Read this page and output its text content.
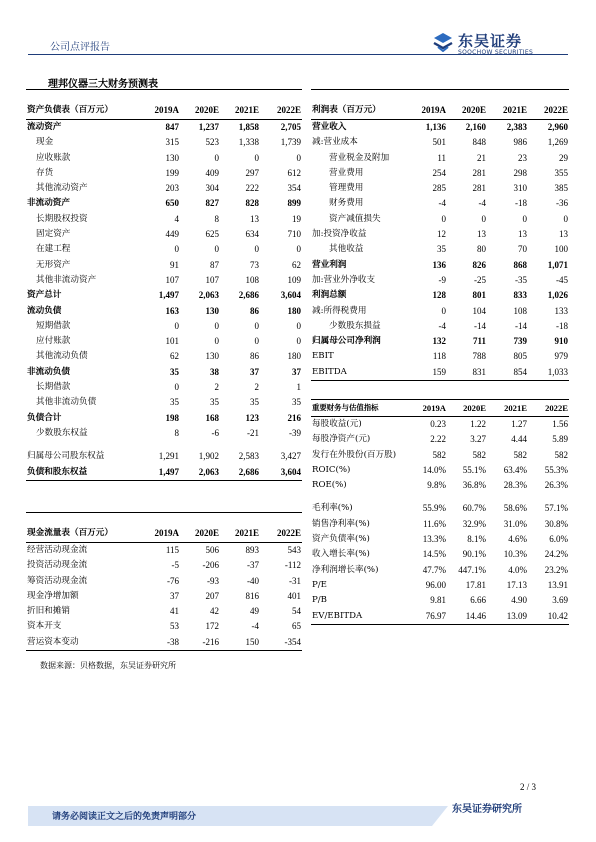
公司点评报告	东吴证券
SOOCHOW SECURITIES
理邦仪器三大财务预测表
资产负债表（百万元）	2019A	2020E	2021E	2022E
流动资产	847	1,237	1,858	2,705
现金	315	523	1,338	1,739
应收账款	130	0	0	0
存货	199	409	297	612
其他流动资产	203	304	222	354
非流动资产	650	827	828	899
长期股权投资	4	8	13	19
固定资产	449	625	634	710
在建工程	0	0	0	0
无形资产	91	87	73	62
其他非流动资产	107	107	108	109
资产总计	1,497	2,063	2,686	3,604
流动负债	163	130	86	180
短期借款	0	0	0	0
应付账款	101	0	0	0
其他流动负债	62	130	86	180
非流动负债	35	38	37	37
长期借款	0	2	2	1
其他非流动负债	35	35	35	35
负债合计	198	168	123	216
少数股东权益	8	-6	-21	-39

归属母公司股东权益	1,291	1,902	2,583	3,427
负债和股东权益	1,497	2,063	2,686	3,604
现金流量表（百万元）	2019A	2020E	2021E	2022E
经营活动现金流	115	506	893	543
投资活动现金流	-5	-206	-37	-112
筹资活动现金流	-76	-93	-40	-31
现金净增加额	37	207	816	401
折旧和摊销	41	42	49	54
资本开支	53	172	-4	65
营运资本变动	-38	-216	150	-354
利润表（百万元）	2019A	2020E	2021E	2022E
营业收入	1,136	2,160	2,383	2,960
减:营业成本	501	848	986	1,269
营业税金及附加	11	21	23	29
营业费用	254	281	298	355
管理费用	285	281	310	385
财务费用	-4	-4	-18	-36
资产减值损失	0	0	0	0
加:投资净收益	12	13	13	13
其他收益	35	80	70	100
营业利润	136	826	868	1,071
加:营业外净收支	-9	-25	-35	-45
利润总额	128	801	833	1,026
减:所得税费用	0	104	108	133
少数股东损益	-4	-14	-14	-18
归属母公司净利润	132	711	739	910
EBIT	118	788	805	979
EBITDA	159	831	854	1,033
重要财务与估值指标	2019A	2020E	2021E	2022E
每股收益(元)	0.23	1.22	1.27	1.56
每股净资产(元)	2.22	3.27	4.44	5.89
发行在外股份(百万股)	582	582	582	582
ROIC(%)	14.0%	55.1%	63.4%	55.3%
ROE(%)	9.8%	36.8%	28.3%	26.3%

毛利率(%)	55.9%	60.7%	58.6%	57.1%
销售净利率(%)	11.6%	32.9%	31.0%	30.8%
资产负债率(%)	13.3%	8.1%	4.6%	6.0%
收入增长率(%)	14.5%	90.1%	10.3%	24.2%
净利润增长率(%)	47.7%	447.1%	4.0%	23.2%
P/E	96.00	17.81	17.13	13.91
P/B	9.81	6.66	4.90	3.69
EV/EBITDA	76.97	14.46	13.09	10.42
数据来源：贝格数据，东吴证券研究所
2 / 3
东吴证券研究所
请务必阅读正文之后的免责声明部分
